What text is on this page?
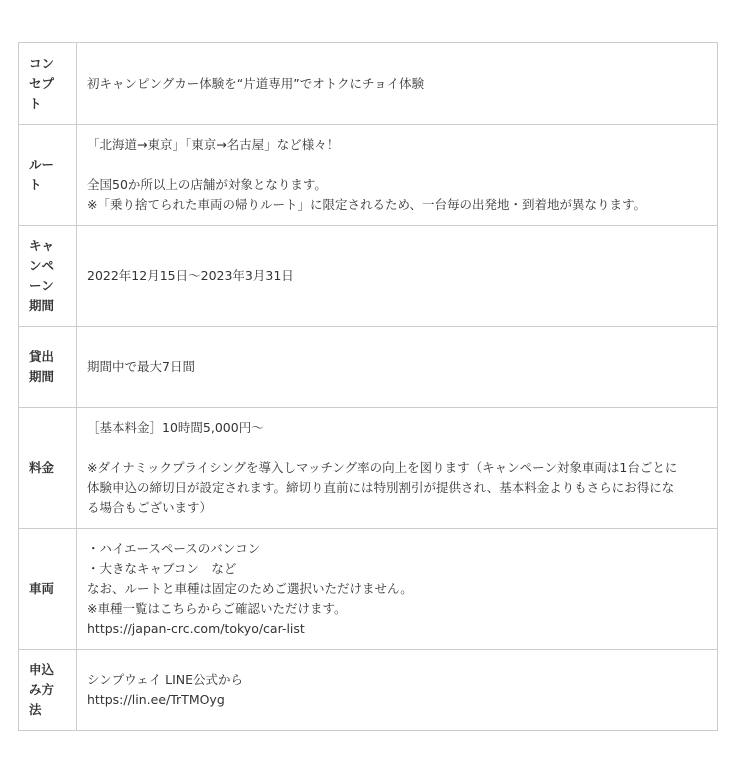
コン
セプ
ト	初キャンピングカー体験を“片道専用”でオトクにチョイ体験

ルー
ト	「北海道→東京」「東京→名古屋」など様々！
全国50か所以上の店舗が対象となります。
※「乗り捨てられた車両の帰りルート」に限定されるため、一台毎の出発地・到着地が異なります。

キャ
ンペ
ーン
期間	2022年12月15日～2023年3月31日

貸出
期間	期間中で最大7日間

料金	［基本料金］10時間5,000円～
※ダイナミックプライシングを導入しマッチング率の向上を図ります（キャンペーン対象車両は1台ごとに
体験申込の締切日が設定されます。締切り直前には特別割引が提供され、基本料金よりもさらにお得にな
る場合もございます）

車両	・ハイエースペースのバンコン
・大きなキャブコン　など
なお、ルートと車種は固定のためご選択いただけません。
※車種一覧はこちらからご確認いただけます。
https://japan-crc.com/tokyo/car-list

申込
み方
法	シンプウェイ LINE公式から
https://lin.ee/TrTMOyg
